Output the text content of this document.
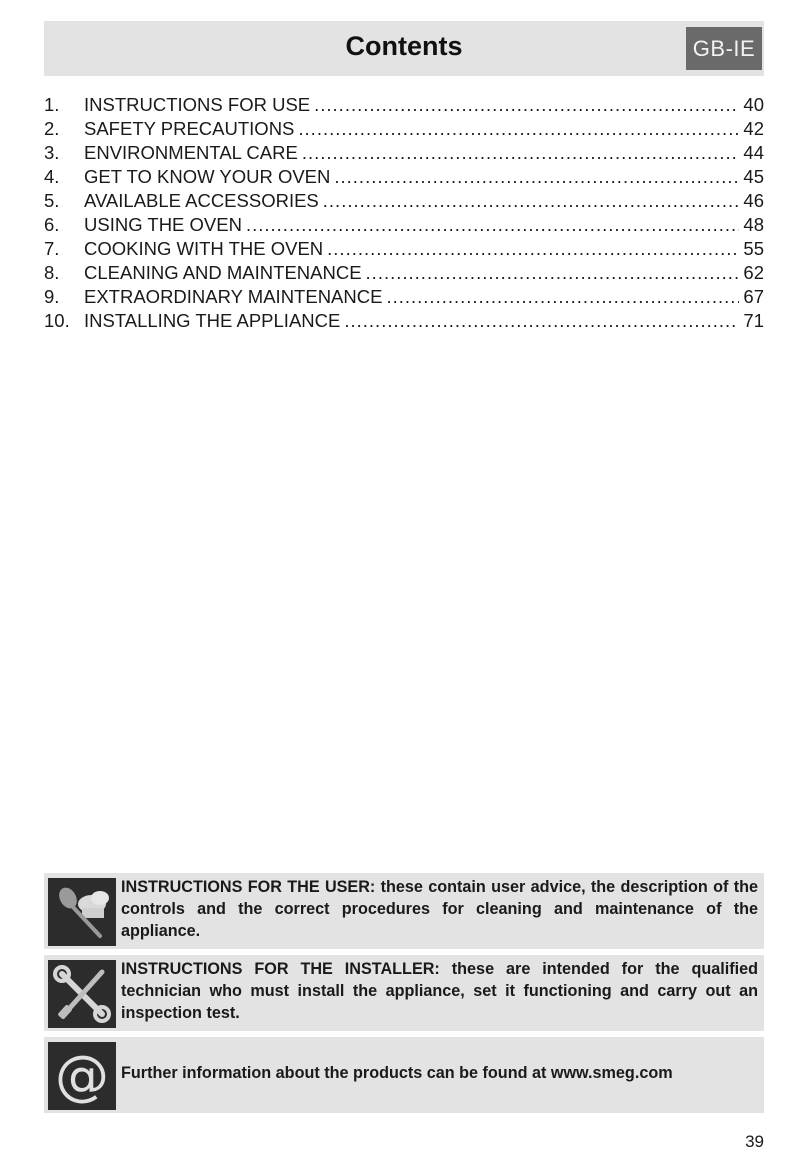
Contents	GB-IE
1.	INSTRUCTIONS FOR USE .....	40
2.	SAFETY PRECAUTIONS .....	42
3.	ENVIRONMENTAL CARE .....	44
4.	GET TO KNOW YOUR OVEN .....	45
5.	AVAILABLE ACCESSORIES .....	46
6.	USING THE OVEN .....	48
7.	COOKING WITH THE OVEN .....	55
8.	CLEANING AND MAINTENANCE .....	62
9.	EXTRAORDINARY MAINTENANCE .....	67
10. INSTALLING THE APPLIANCE .....	71
INSTRUCTIONS FOR THE USER: these contain user advice, the description of the controls and the correct procedures for cleaning and maintenance of the appliance.
INSTRUCTIONS FOR THE INSTALLER: these are intended for the qualified technician who must install the appliance, set it functioning and carry out an inspection test.
@ Further information about the products can be found at www.smeg.com
39
